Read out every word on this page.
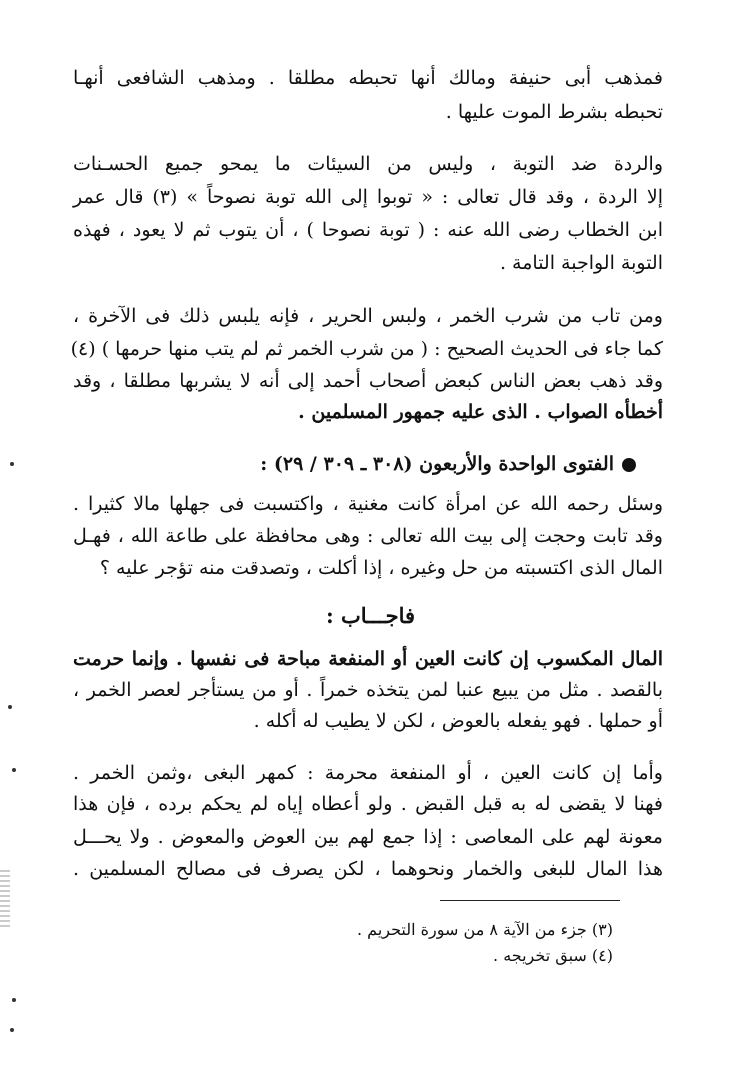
فمذهب أبى حنيفة ومالك أنها تحبطه مطلقا . ومذهب الشافعى أنهـا
تحبطه بشرط الموت عليها .
والردة ضد التوبة ، وليس من السيئات ما يمحو جميع الحسـنات
إلا الردة ، وقد قال تعالى : « توبوا إلى الله توبة نصوحاً » (٣) قال عمر
ابن الخطاب رضى الله عنه : ( توبة نصوحا ) ، أن يتوب ثم لا يعود ، فهذه
التوبة الواجبة التامة .
ومن تاب من شرب الخمر ، ولبس الحرير ، فإنه يلبس ذلك فى الآخرة ،
كما جاء فى الحديث الصحيح : ( من شرب الخمر ثم لم يتب منها حرمها ) (٤)
وقد ذهب بعض الناس كبعض أصحاب أحمد إلى أنه لا يشربها مطلقا ، وقد
أخطأه الصواب . الذى عليه جمهور المسلمين .
الفتوى الواحدة والأربعون (٣٠٨ ـ ٣٠٩ / ٢٩) :
وسئل رحمه الله عن امرأة كانت مغنية ، واكتسبت فى جهلها مالا كثيرا .
وقد تابت وحجت إلى بيت الله تعالى : وهى محافظة على طاعة الله ، فهـل
المال الذى اكتسبته من حل وغيره ، إذا أكلت ، وتصدقت منه تؤجر عليه ؟
فاجـــاب :
المال المكسوب إن كانت العين أو المنفعة مباحة فى نفسها . وإنما حرمت
بالقصد . مثل من يبيع عنبا لمن يتخذه خمراً . أو من يستأجر لعصر الخمر ،
أو حملها . فهو يفعله بالعوض ، لكن لا يطيب له أكله .
وأما إن كانت العين ، أو المنفعة محرمة : كمهر البغى ،وثمن الخمر .
فهنا لا يقضى له به قبل القبض . ولو أعطاه إياه لم يحكم برده ، فإن هذا
معونة لهم على المعاصى : إذا جمع لهم بين العوض والمعوض . ولا يحـــل
هذا المال للبغى والخمار ونحوهما ، لكن يصرف فى مصالح المسلمين .
(٣) جزء من الآية ٨ من سورة التحريم .
(٤) سبق تخريجه .
